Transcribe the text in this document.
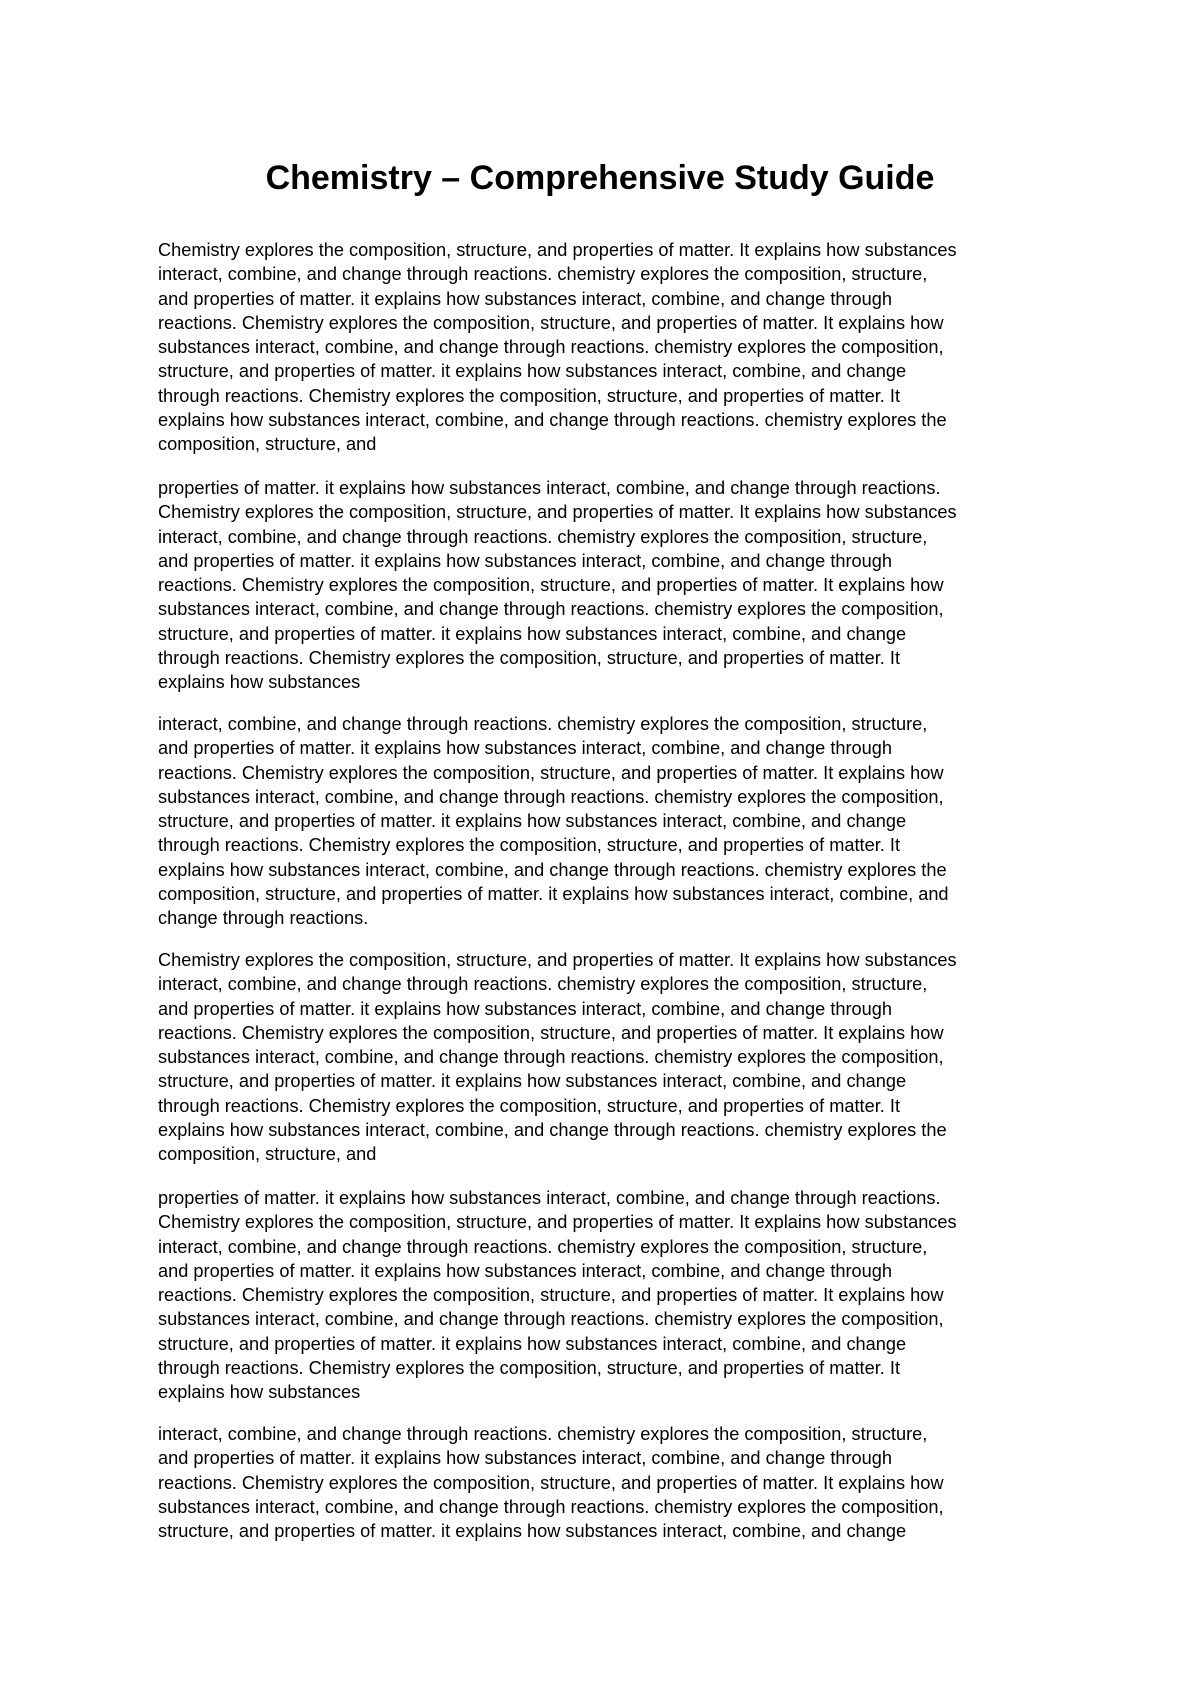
Chemistry – Comprehensive Study Guide

Chemistry explores the composition, structure, and properties of matter. It explains how substances
interact, combine, and change through reactions. chemistry explores the composition, structure,
and properties of matter. it explains how substances interact, combine, and change through
reactions. Chemistry explores the composition, structure, and properties of matter. It explains how
substances interact, combine, and change through reactions. chemistry explores the composition,
structure, and properties of matter. it explains how substances interact, combine, and change
through reactions. Chemistry explores the composition, structure, and properties of matter. It
explains how substances interact, combine, and change through reactions. chemistry explores the
composition, structure, and

properties of matter. it explains how substances interact, combine, and change through reactions.
Chemistry explores the composition, structure, and properties of matter. It explains how substances
interact, combine, and change through reactions. chemistry explores the composition, structure,
and properties of matter. it explains how substances interact, combine, and change through
reactions. Chemistry explores the composition, structure, and properties of matter. It explains how
substances interact, combine, and change through reactions. chemistry explores the composition,
structure, and properties of matter. it explains how substances interact, combine, and change
through reactions. Chemistry explores the composition, structure, and properties of matter. It
explains how substances

interact, combine, and change through reactions. chemistry explores the composition, structure,
and properties of matter. it explains how substances interact, combine, and change through
reactions. Chemistry explores the composition, structure, and properties of matter. It explains how
substances interact, combine, and change through reactions. chemistry explores the composition,
structure, and properties of matter. it explains how substances interact, combine, and change
through reactions. Chemistry explores the composition, structure, and properties of matter. It
explains how substances interact, combine, and change through reactions. chemistry explores the
composition, structure, and properties of matter. it explains how substances interact, combine, and
change through reactions.

Chemistry explores the composition, structure, and properties of matter. It explains how substances
interact, combine, and change through reactions. chemistry explores the composition, structure,
and properties of matter. it explains how substances interact, combine, and change through
reactions. Chemistry explores the composition, structure, and properties of matter. It explains how
substances interact, combine, and change through reactions. chemistry explores the composition,
structure, and properties of matter. it explains how substances interact, combine, and change
through reactions. Chemistry explores the composition, structure, and properties of matter. It
explains how substances interact, combine, and change through reactions. chemistry explores the
composition, structure, and

properties of matter. it explains how substances interact, combine, and change through reactions.
Chemistry explores the composition, structure, and properties of matter. It explains how substances
interact, combine, and change through reactions. chemistry explores the composition, structure,
and properties of matter. it explains how substances interact, combine, and change through
reactions. Chemistry explores the composition, structure, and properties of matter. It explains how
substances interact, combine, and change through reactions. chemistry explores the composition,
structure, and properties of matter. it explains how substances interact, combine, and change
through reactions. Chemistry explores the composition, structure, and properties of matter. It
explains how substances

interact, combine, and change through reactions. chemistry explores the composition, structure,
and properties of matter. it explains how substances interact, combine, and change through
reactions. Chemistry explores the composition, structure, and properties of matter. It explains how
substances interact, combine, and change through reactions. chemistry explores the composition,
structure, and properties of matter. it explains how substances interact, combine, and change
